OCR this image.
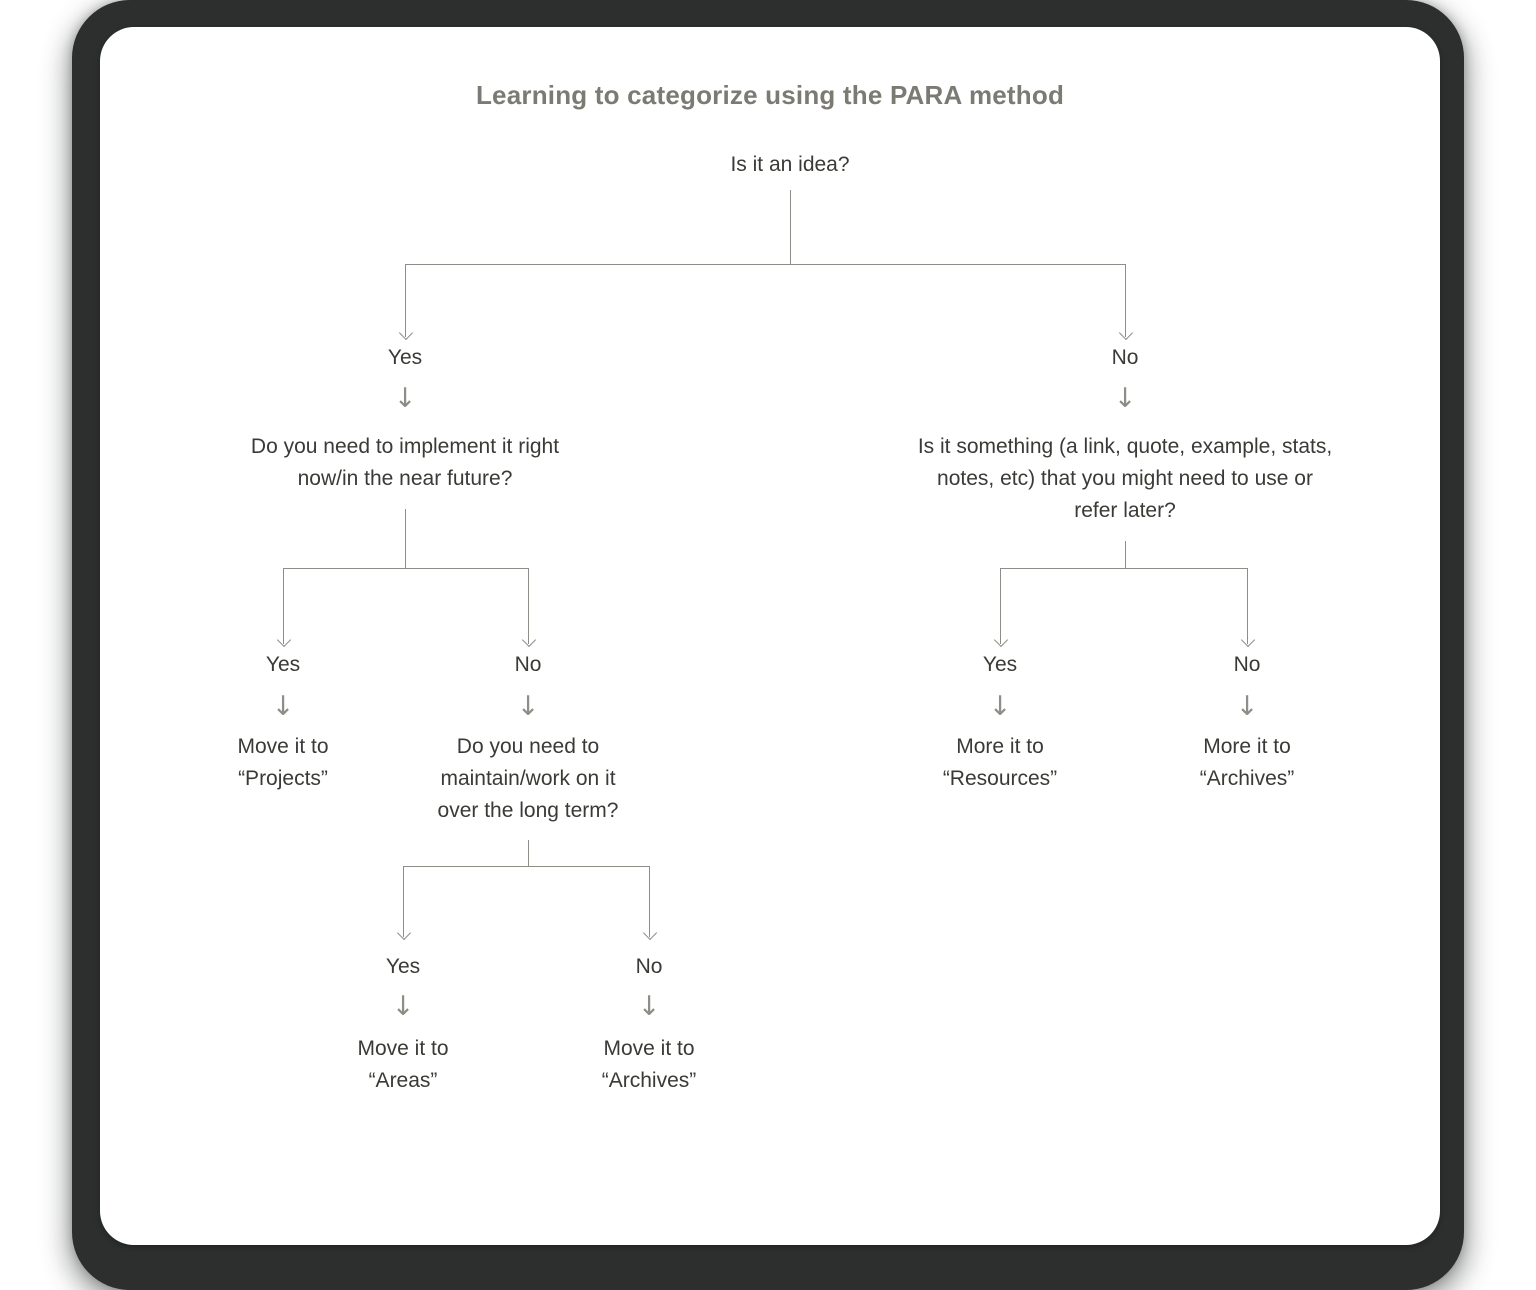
Learning to categorize using the PARA method
Is it an idea?
Yes	No
↓	↓
Do you need to implement it right
now/in the near future?
Is it something (a link, quote, example, stats,
notes, etc) that you might need to use or
refer later?
Yes	No
↓	↓
Move it to
“Projects”
Do you need to
maintain/work on it
over the long term?
Yes	No
↓	↓
More it to
“Resources”
More it to
“Archives”
Yes	No
↓	↓
Move it to
“Areas”
Move it to
“Archives”
